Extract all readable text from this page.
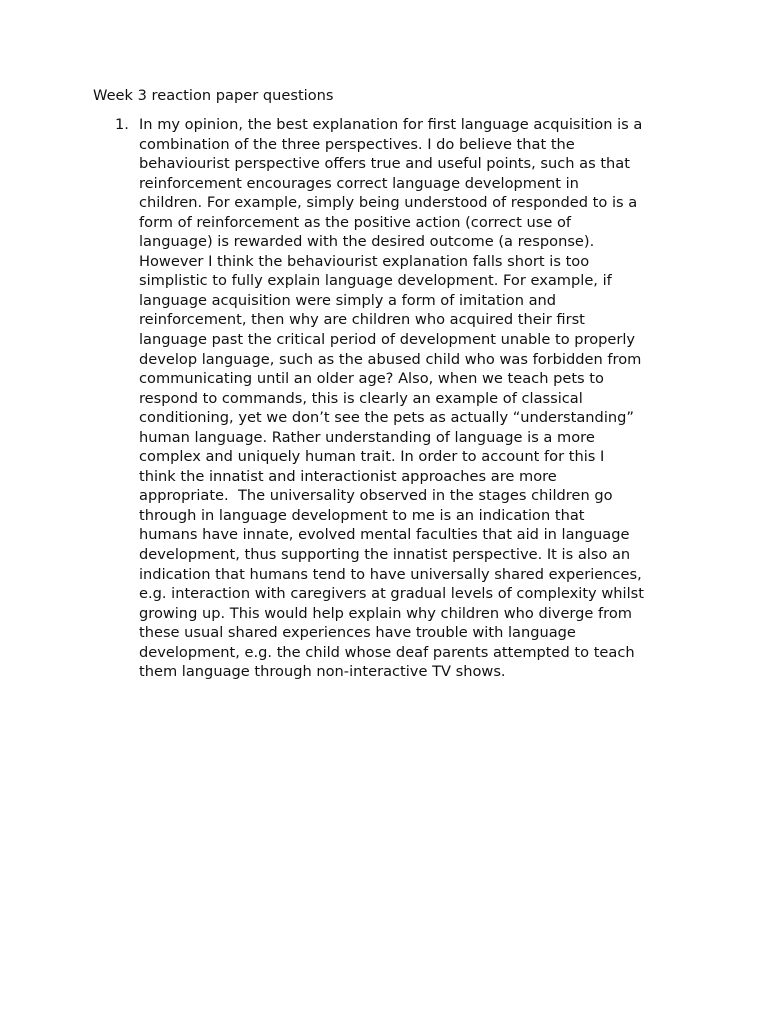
Week 3 reaction paper questions
1. In my opinion, the best explanation for first language acquisition is a
combination of the three perspectives. I do believe that the
behaviourist perspective offers true and useful points, such as that
reinforcement encourages correct language development in
children. For example, simply being understood of responded to is a
form of reinforcement as the positive action (correct use of
language) is rewarded with the desired outcome (a response).
However I think the behaviourist explanation falls short is too
simplistic to fully explain language development. For example, if
language acquisition were simply a form of imitation and
reinforcement, then why are children who acquired their first
language past the critical period of development unable to properly
develop language, such as the abused child who was forbidden from
communicating until an older age? Also, when we teach pets to
respond to commands, this is clearly an example of classical
conditioning, yet we don’t see the pets as actually “understanding”
human language. Rather understanding of language is a more
complex and uniquely human trait. In order to account for this I
think the innatist and interactionist approaches are more
appropriate.  The universality observed in the stages children go
through in language development to me is an indication that
humans have innate, evolved mental faculties that aid in language
development, thus supporting the innatist perspective. It is also an
indication that humans tend to have universally shared experiences,
e.g. interaction with caregivers at gradual levels of complexity whilst
growing up. This would help explain why children who diverge from
these usual shared experiences have trouble with language
development, e.g. the child whose deaf parents attempted to teach
them language through non-interactive TV shows.
